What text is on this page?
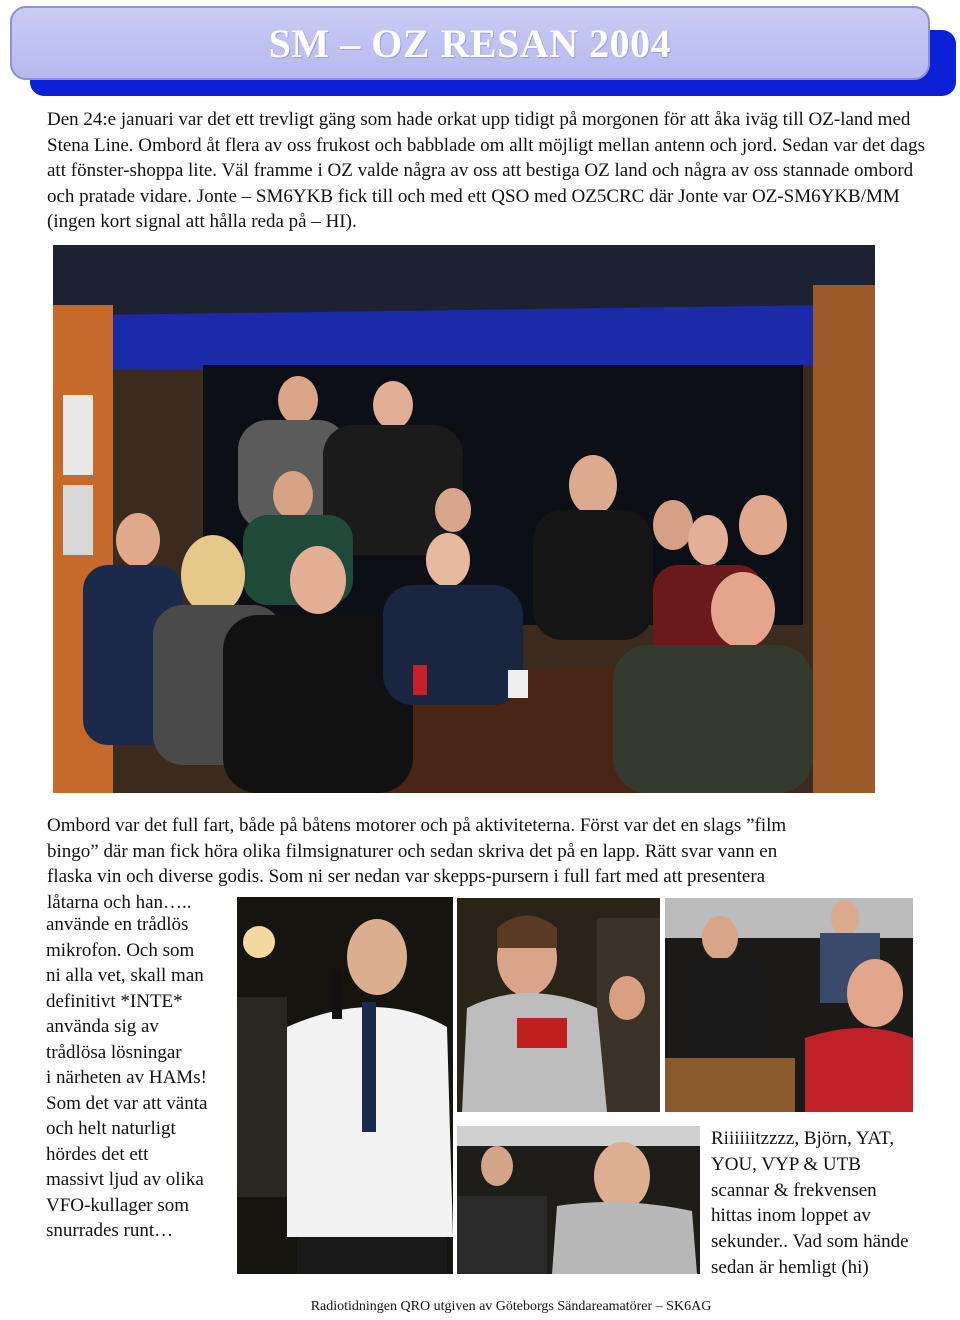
SM – OZ RESAN 2004

Den 24:e januari var det ett trevligt gäng som hade orkat upp tidigt på morgonen för att åka iväg till OZ-land med Stena Line. Ombord åt flera av oss frukost och babblade om allt möjligt mellan antenn och jord. Sedan var det dags att fönster-shoppa lite. Väl framme i OZ valde några av oss att bestiga OZ land och några av oss stannade ombord och pratade vidare. Jonte – SM6YKB fick till och med ett QSO med OZ5CRC där Jonte var OZ-SM6YKB/MM (ingen kort signal att hålla reda på – HI).

Ombord var det full fart, både på båtens motorer och på aktiviteterna. Först var det en slags ”film
bingo” där man fick höra olika filmsignaturer och sedan skriva det på en lapp. Rätt svar vann en
flaska vin och diverse godis. Som ni ser nedan var skepps-pursern i full fart med att presentera
låtarna och han…..

använde en trådlös
mikrofon. Och som
ni alla vet, skall man
definitivt *INTE*
använda sig av
trådlösa lösningar
i närheten av HAMs!
Som det var att vänta
och helt naturligt
hördes det ett
massivt ljud av olika
VFO-kullager som
snurrades runt…

Riiiiiitzzzz, Björn, YAT,
YOU, VYP & UTB
scannar & frekvensen
hittas inom loppet av
sekunder.. Vad som hände
sedan är hemligt (hi)

Radiotidningen QRO utgiven av Göteborgs Sändareamatörer – SK6AG
